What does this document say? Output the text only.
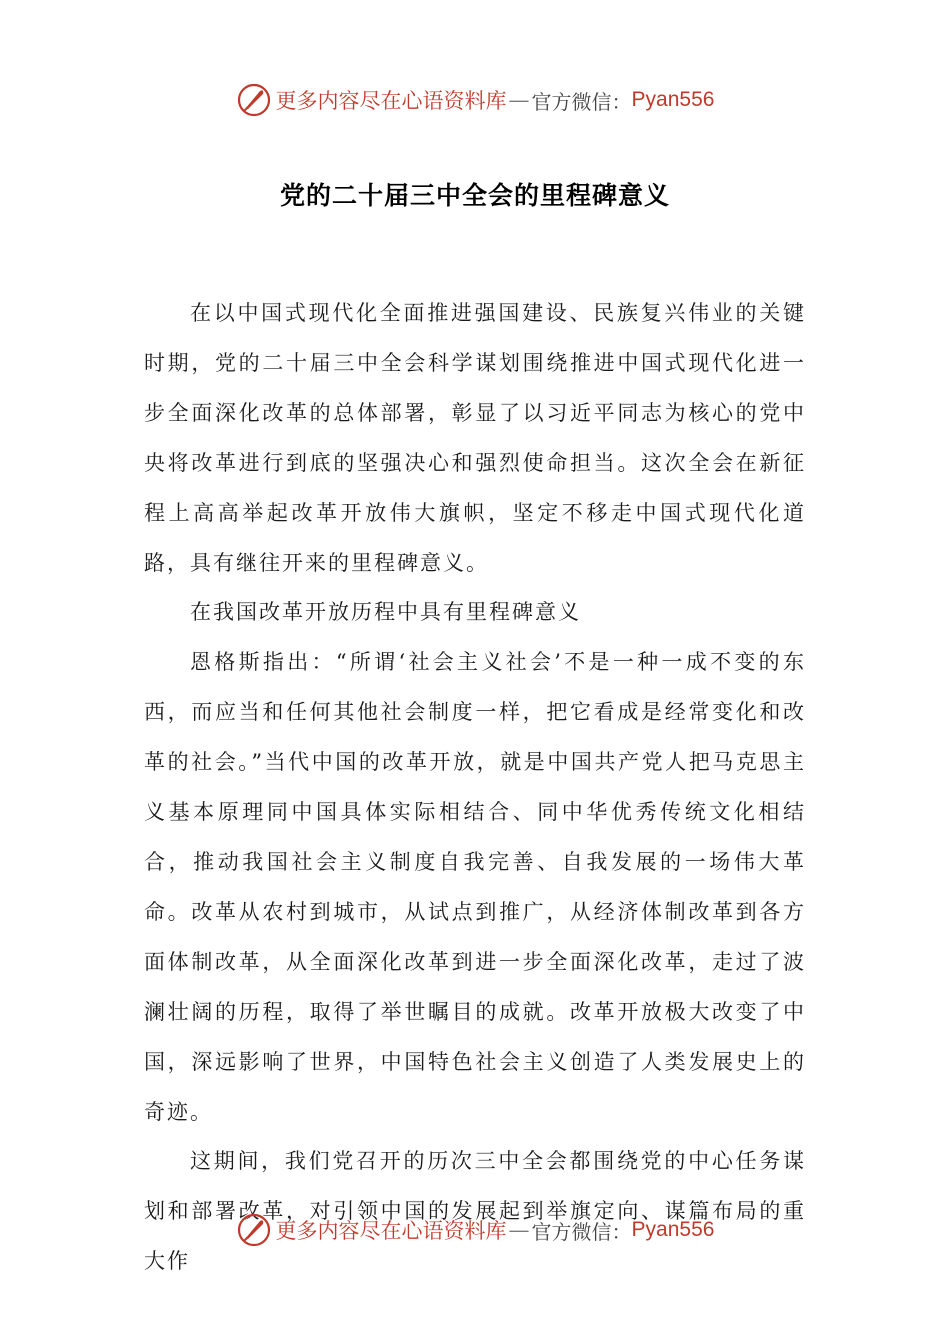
更多内容尽在心语资料库 — 官方微信： Pyan556
党的二十届三中全会的里程碑意义

在以中国式现代化全面推进强国建设、民族复兴伟业的关键时期，党的二十届三中全会科学谋划围绕推进中国式现代化进一步全面深化改革的总体部署，彰显了以习近平同志为核心的党中央将改革进行到底的坚强决心和强烈使命担当。这次全会在新征程上高高举起改革开放伟大旗帜，坚定不移走中国式现代化道路，具有继往开来的里程碑意义。

在我国改革开放历程中具有里程碑意义

恩格斯指出：“所谓‘社会主义社会’不是一种一成不变的东西，而应当和任何其他社会制度一样，把它看成是经常变化和改革的社会。”当代中国的改革开放，就是中国共产党人把马克思主义基本原理同中国具体实际相结合、同中华优秀传统文化相结合，推动我国社会主义制度自我完善、自我发展的一场伟大革命。改革从农村到城市，从试点到推广，从经济体制改革到各方面体制改革，从全面深化改革到进一步全面深化改革，走过了波澜壮阔的历程，取得了举世瞩目的成就。改革开放极大改变了中国，深远影响了世界，中国特色社会主义创造了人类发展史上的奇迹。

这期间，我们党召开的历次三中全会都围绕党的中心任务谋划和部署改革，对引领中国的发展起到举旗定向、谋篇布局的重大作

更多内容尽在心语资料库 — 官方微信： Pyan556
